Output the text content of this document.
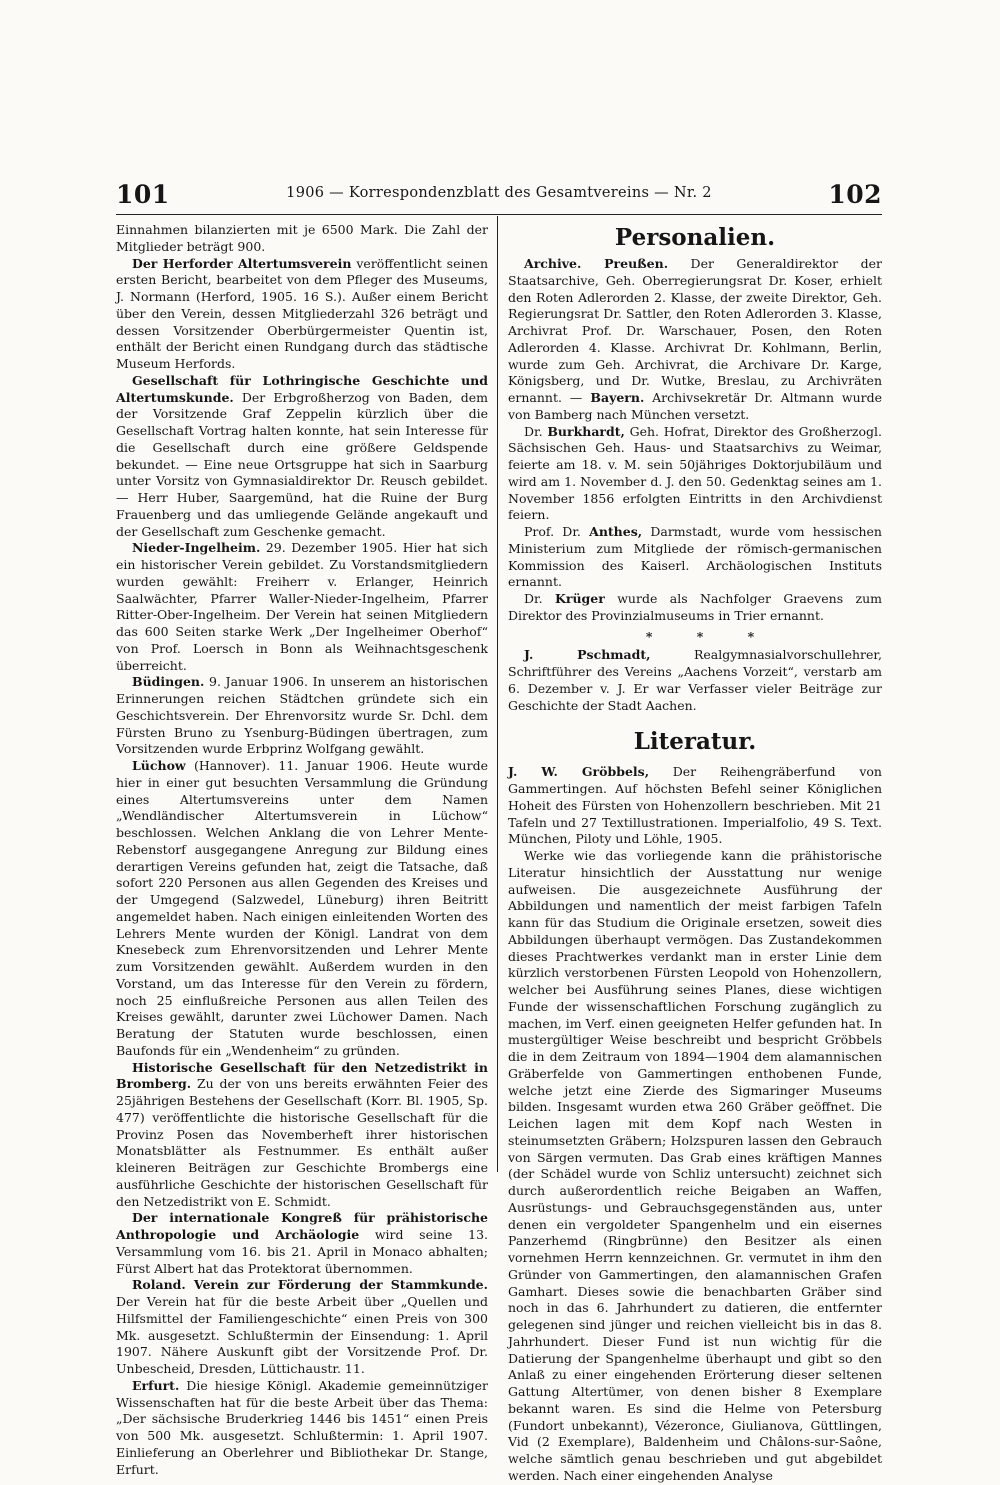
101	1906 — Korrespondenzblatt des Gesamtvereins — Nr. 2	102

Einnahmen bilanzierten mit je 6500 Mark. Die Zahl der Mitglieder beträgt 900.

Der Herforder Altertumsverein veröffentlicht seinen ersten Bericht, bearbeitet von dem Pfleger des Museums, J. Normann (Herford, 1905. 16 S.). Außer einem Bericht über den Verein, dessen Mitgliederzahl 326 beträgt und dessen Vorsitzender Oberbürgermeister Quentin ist, enthält der Bericht einen Rundgang durch das städtische Museum Herfords.

Gesellschaft für Lothringische Geschichte und Altertumskunde. Der Erbgroßherzog von Baden, dem der Vorsitzende Graf Zeppelin kürzlich über die Gesellschaft Vortrag halten konnte, hat sein Interesse für die Gesellschaft durch eine größere Geldspende bekundet. — Eine neue Ortsgruppe hat sich in Saarburg unter Vorsitz von Gymnasialdirektor Dr. Reusch gebildet. — Herr Huber, Saargemünd, hat die Ruine der Burg Frauenberg und das umliegende Gelände angekauft und der Gesellschaft zum Geschenke gemacht.

Nieder-Ingelheim. 29. Dezember 1905. Hier hat sich ein historischer Verein gebildet. Zu Vorstandsmitgliedern wurden gewählt: Freiherr v. Erlanger, Heinrich Saalwächter, Pfarrer Waller-Nieder-Ingelheim, Pfarrer Ritter-Ober-Ingelheim. Der Verein hat seinen Mitgliedern das 600 Seiten starke Werk „Der Ingelheimer Oberhof“ von Prof. Loersch in Bonn als Weihnachtsgeschenk überreicht.

Büdingen. 9. Januar 1906. In unserem an historischen Erinnerungen reichen Städtchen gründete sich ein Geschichtsverein. Der Ehrenvorsitz wurde Sr. Dchl. dem Fürsten Bruno zu Ysenburg-Büdingen übertragen, zum Vorsitzenden wurde Erbprinz Wolfgang gewählt.

Lüchow (Hannover). 11. Januar 1906. Heute wurde hier in einer gut besuchten Versammlung die Gründung eines Altertumsvereins unter dem Namen „Wendländischer Altertumsverein in Lüchow“ beschlossen. Welchen Anklang die von Lehrer Mente-Rebenstorf ausgegangene Anregung zur Bildung eines derartigen Vereins gefunden hat, zeigt die Tatsache, daß sofort 220 Personen aus allen Gegenden des Kreises und der Umgegend (Salzwedel, Lüneburg) ihren Beitritt angemeldet haben. Nach einigen einleitenden Worten des Lehrers Mente wurden der Königl. Landrat von dem Knesebeck zum Ehrenvorsitzenden und Lehrer Mente zum Vorsitzenden gewählt. Außerdem wurden in den Vorstand, um das Interesse für den Verein zu fördern, noch 25 einflußreiche Personen aus allen Teilen des Kreises gewählt, darunter zwei Lüchower Damen. Nach Beratung der Statuten wurde beschlossen, einen Baufonds für ein „Wendenheim“ zu gründen.

Historische Gesellschaft für den Netzedistrikt in Bromberg. Zu der von uns bereits erwähnten Feier des 25jährigen Bestehens der Gesellschaft (Korr. Bl. 1905, Sp. 477) veröffentlichte die historische Gesellschaft für die Provinz Posen das Novemberheft ihrer historischen Monatsblätter als Festnummer. Es enthält außer kleineren Beiträgen zur Geschichte Brombergs eine ausführliche Geschichte der historischen Gesellschaft für den Netzedistrikt von E. Schmidt.

Der internationale Kongreß für prähistorische Anthropologie und Archäologie wird seine 13. Versammlung vom 16. bis 21. April in Monaco abhalten; Fürst Albert hat das Protektorat übernommen.

Roland. Verein zur Förderung der Stammkunde. Der Verein hat für die beste Arbeit über „Quellen und Hilfsmittel der Familiengeschichte“ einen Preis von 300 Mk. ausgesetzt. Schlußtermin der Einsendung: 1. April 1907. Nähere Auskunft gibt der Vorsitzende Prof. Dr. Unbescheid, Dresden, Lüttichaustr. 11.

Erfurt. Die hiesige Königl. Akademie gemeinnütziger Wissenschaften hat für die beste Arbeit über das Thema: „Der sächsische Bruderkrieg 1446 bis 1451“ einen Preis von 500 Mk. ausgesetzt. Schlußtermin: 1. April 1907. Einlieferung an Oberlehrer und Bibliothekar Dr. Stange, Erfurt.

Personalien.

Archive. Preußen. Der Generaldirektor der Staatsarchive, Geh. Oberregierungsrat Dr. Koser, erhielt den Roten Adlerorden 2. Klasse, der zweite Direktor, Geh. Regierungsrat Dr. Sattler, den Roten Adlerorden 3. Klasse, Archivrat Prof. Dr. Warschauer, Posen, den Roten Adlerorden 4. Klasse. Archivrat Dr. Kohlmann, Berlin, wurde zum Geh. Archivrat, die Archivare Dr. Karge, Königsberg, und Dr. Wutke, Breslau, zu Archivräten ernannt. — Bayern. Archivsekretär Dr. Altmann wurde von Bamberg nach München versetzt.

Dr. Burkhardt, Geh. Hofrat, Direktor des Großherzogl. Sächsischen Geh. Haus- und Staatsarchivs zu Weimar, feierte am 18. v. M. sein 50jähriges Doktorjubiläum und wird am 1. November d. J. den 50. Gedenktag seines am 1. November 1856 erfolgten Eintritts in den Archivdienst feiern.

Prof. Dr. Anthes, Darmstadt, wurde vom hessischen Ministerium zum Mitgliede der römisch-germanischen Kommission des Kaiserl. Archäologischen Instituts ernannt.

Dr. Krüger wurde als Nachfolger Graevens zum Direktor des Provinzialmuseums in Trier ernannt.

* * *

J. Pschmadt, Realgymnasialvorschullehrer, Schriftführer des Vereins „Aachens Vorzeit“, verstarb am 6. Dezember v. J. Er war Verfasser vieler Beiträge zur Geschichte der Stadt Aachen.

Literatur.

J. W. Gröbbels, Der Reihengräberfund von Gammertingen. Auf höchsten Befehl seiner Königlichen Hoheit des Fürsten von Hohenzollern beschrieben. Mit 21 Tafeln und 27 Textillustrationen. Imperialfolio, 49 S. Text. München, Piloty und Löhle, 1905.

Werke wie das vorliegende kann die prähistorische Literatur hinsichtlich der Ausstattung nur wenige aufweisen. Die ausgezeichnete Ausführung der Abbildungen und namentlich der meist farbigen Tafeln kann für das Studium die Originale ersetzen, soweit dies Abbildungen überhaupt vermögen. Das Zustandekommen dieses Prachtwerkes verdankt man in erster Linie dem kürzlich verstorbenen Fürsten Leopold von Hohenzollern, welcher bei Ausführung seines Planes, diese wichtigen Funde der wissenschaftlichen Forschung zugänglich zu machen, im Verf. einen geeigneten Helfer gefunden hat. In mustergültiger Weise beschreibt und bespricht Gröbbels die in dem Zeitraum von 1894—1904 dem alamannischen Gräberfelde von Gammertingen enthobenen Funde, welche jetzt eine Zierde des Sigmaringer Museums bilden. Insgesamt wurden etwa 260 Gräber geöffnet. Die Leichen lagen mit dem Kopf nach Westen in steinumsetzten Gräbern; Holzspuren lassen den Gebrauch von Särgen vermuten. Das Grab eines kräftigen Mannes (der Schädel wurde von Schliz untersucht) zeichnet sich durch außerordentlich reiche Beigaben an Waffen, Ausrüstungs- und Gebrauchsgegenständen aus, unter denen ein vergoldeter Spangenhelm und ein eisernes Panzerhemd (Ringbrünne) den Besitzer als einen vornehmen Herrn kennzeichnen. Gr. vermutet in ihm den Gründer von Gammertingen, den alamannischen Grafen Gamhart. Dieses sowie die benachbarten Gräber sind noch in das 6. Jahrhundert zu datieren, die entfernter gelegenen sind jünger und reichen vielleicht bis in das 8. Jahrhundert. Dieser Fund ist nun wichtig für die Datierung der Spangenhelme überhaupt und gibt so den Anlaß zu einer eingehenden Erörterung dieser seltenen Gattung Altertümer, von denen bisher 8 Exemplare bekannt waren. Es sind die Helme von Petersburg (Fundort unbekannt), Vézeronce, Giulianova, Güttlingen, Vid (2 Exemplare), Baldenheim und Châlons-sur-Saône, welche sämtlich genau beschrieben und gut abgebildet werden. Nach einer eingehenden Analyse
